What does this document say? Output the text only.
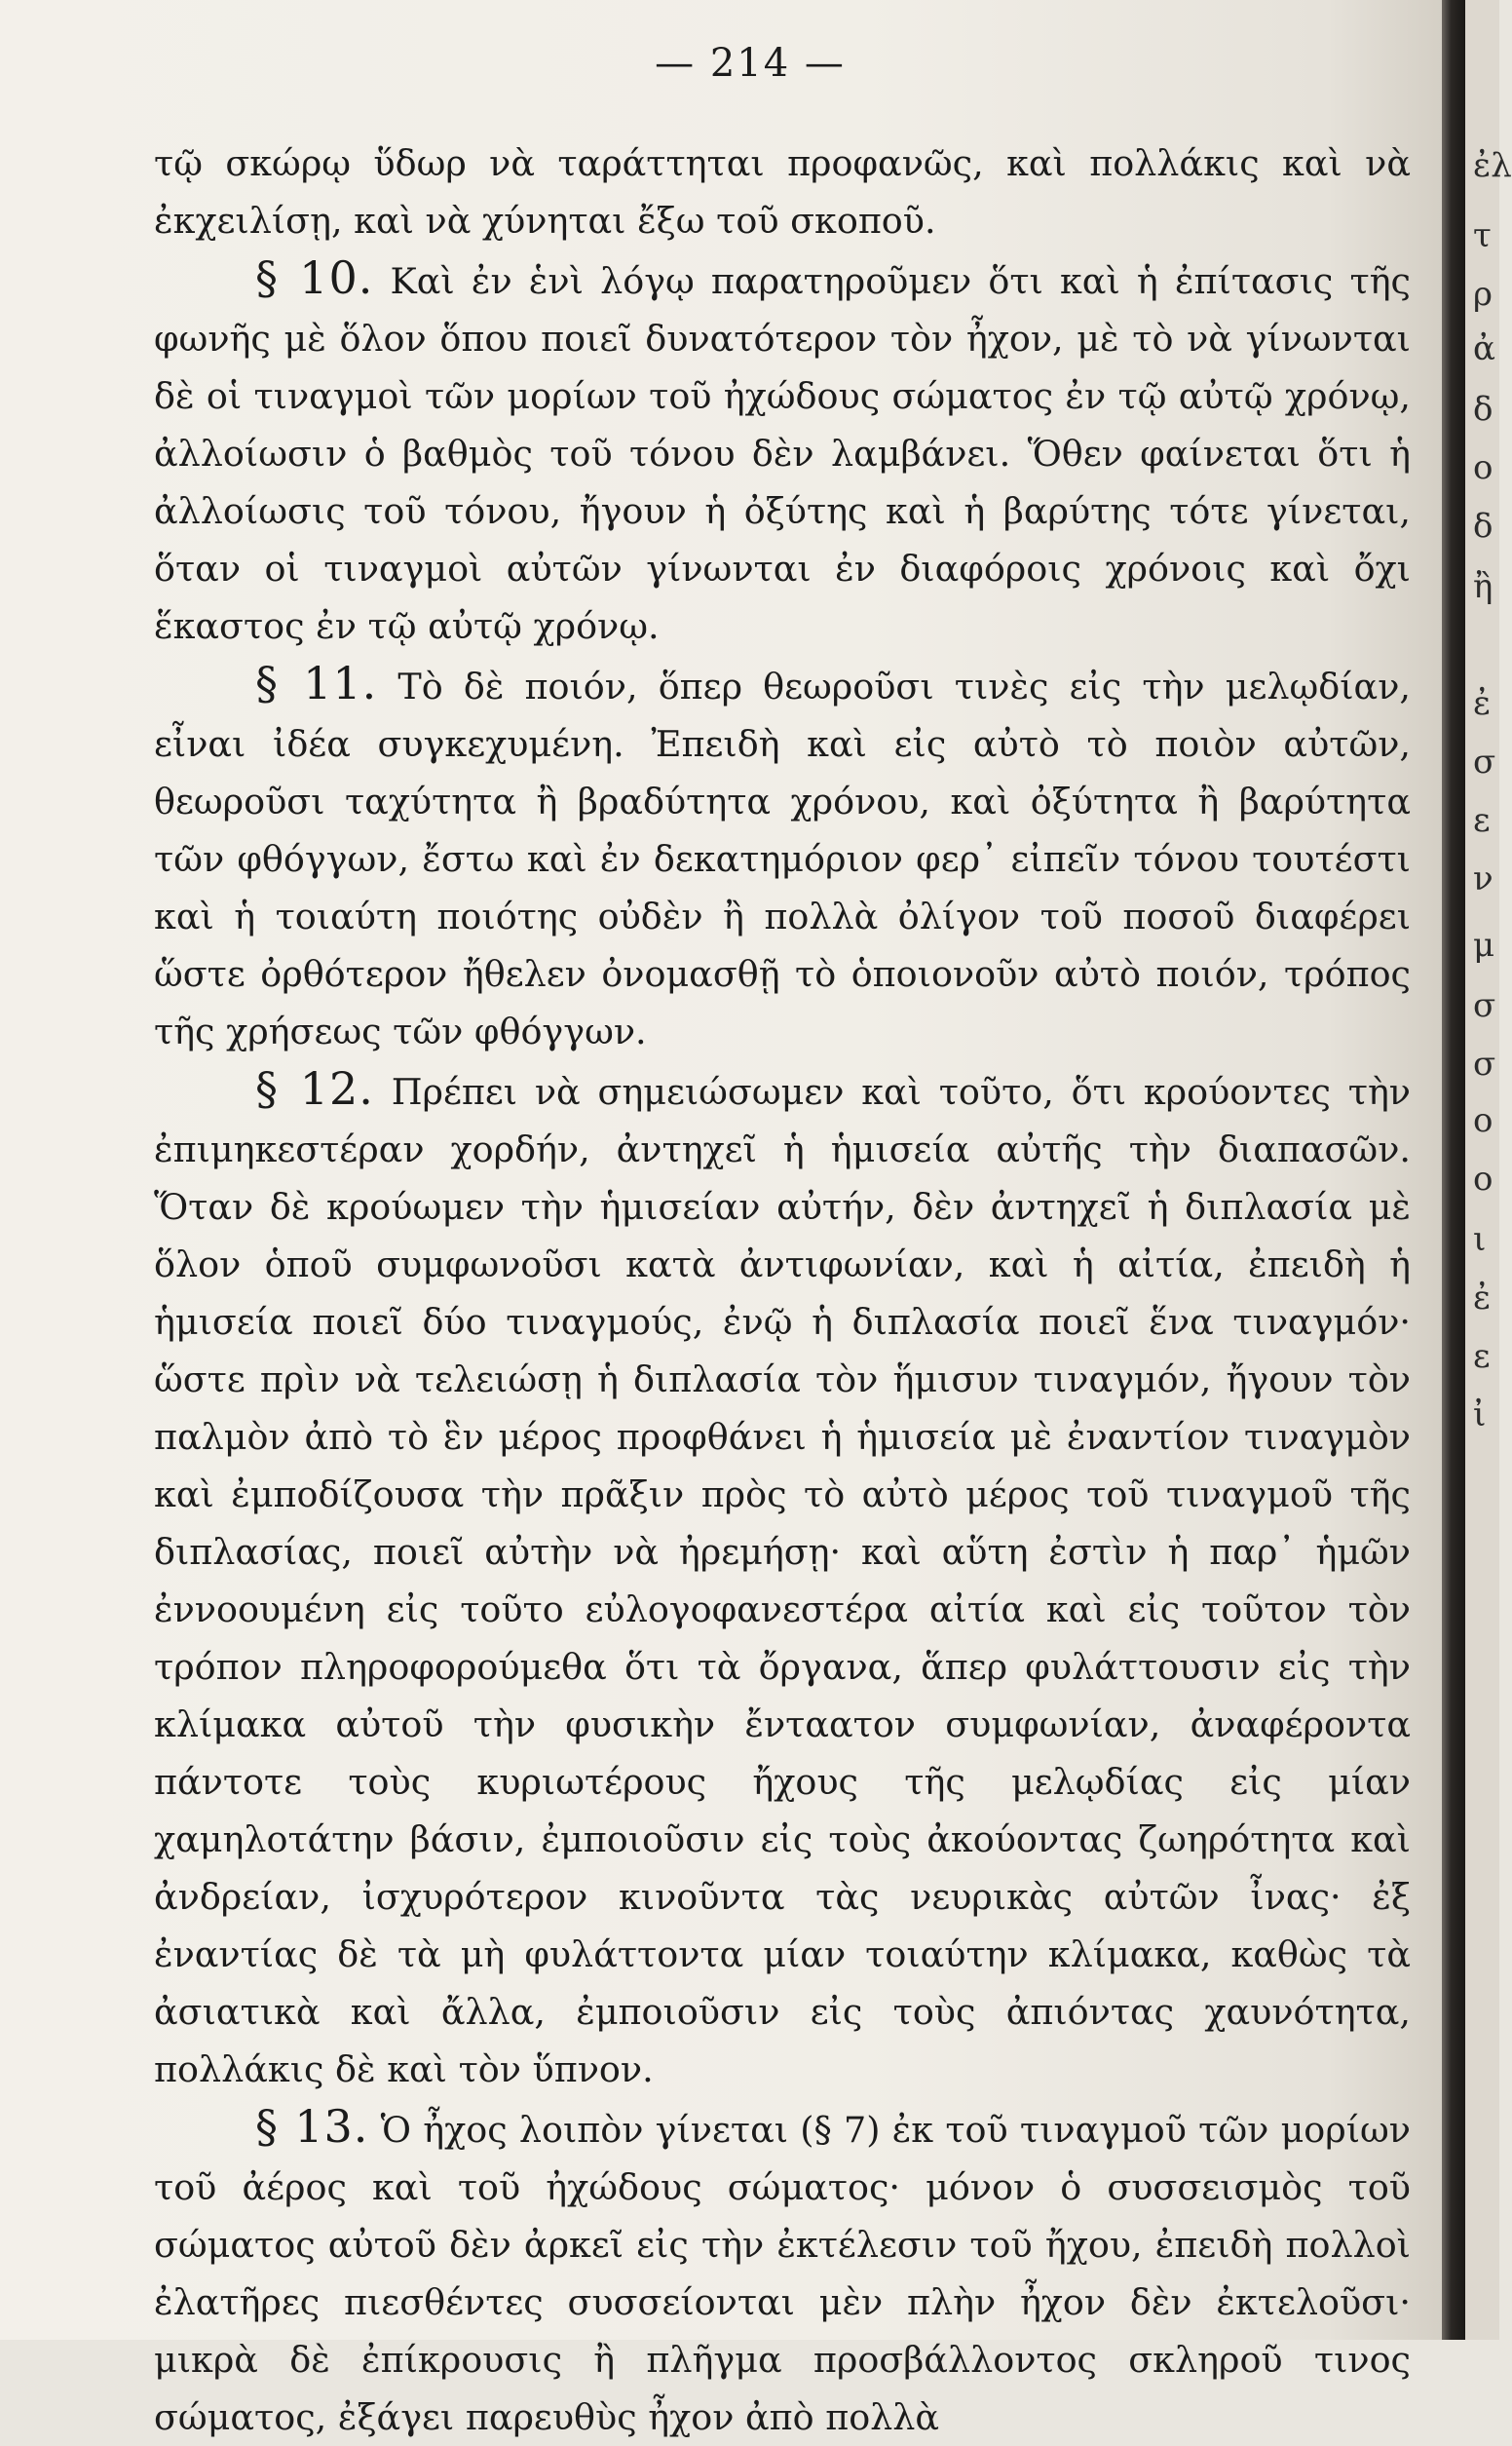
— 214 —

τῷ σκώρῳ ὕδωρ νὰ ταράττηται προφανῶς, καὶ πολλάκις καὶ νὰ ἐκχειλίσῃ, καὶ νὰ χύνηται ἔξω τοῦ σκοποῦ.

§ 10. Καὶ ἐν ἑνὶ λόγῳ παρατηροῦμεν ὅτι καὶ ἡ ἐπίτασις τῆς φωνῆς μὲ ὅλον ὅπου ποιεῖ δυνατότερον τὸν ἦχον, μὲ τὸ νὰ γίνωνται δὲ οἱ τιναγμοὶ τῶν μορίων τοῦ ἠχώδους σώματος ἐν τῷ αὐτῷ χρόνῳ, ἀλλοίωσιν ὁ βαθμὸς τοῦ τόνου δὲν λαμβάνει. Ὅθεν φαίνεται ὅτι ἡ ἀλλοίωσις τοῦ τόνου, ἤγουν ἡ ὀξύτης καὶ ἡ βαρύτης τότε γίνεται, ὅταν οἱ τιναγμοὶ αὐτῶν γίνωνται ἐν διαφόροις χρόνοις καὶ ὄχι ἕκαστος ἐν τῷ αὐτῷ χρόνῳ.

§ 11. Τὸ δὲ ποιόν, ὅπερ θεωροῦσι τινὲς εἰς τὴν μελῳδίαν, εἶναι ἰδέα συγκεχυμένη. Ἐπειδὴ καὶ εἰς αὐτὸ τὸ ποιὸν αὐτῶν, θεωροῦσι ταχύτητα ἢ βραδύτητα χρόνου, καὶ ὀξύτητα ἢ βαρύτητα τῶν φθόγγων, ἔστω καὶ ἐν δεκατημόριον φερ᾽ εἰπεῖν τόνου τουτέστι καὶ ἡ τοιαύτη ποιότης οὐδὲν ἢ πολλὰ ὀλίγον τοῦ ποσοῦ διαφέρει ὥστε ὀρθότερον ἤθελεν ὀνομασθῇ τὸ ὁποιονοῦν αὐτὸ ποιόν, τρόπος τῆς χρήσεως τῶν φθόγγων.

§ 12. Πρέπει νὰ σημειώσωμεν καὶ τοῦτο, ὅτι κρούοντες τὴν ἐπιμηκεστέραν χορδήν, ἀντηχεῖ ἡ ἡμισεία αὐτῆς τὴν διαπασῶν. Ὅταν δὲ κρούωμεν τὴν ἡμισείαν αὐτήν, δὲν ἀντηχεῖ ἡ διπλασία μὲ ὅλον ὁποῦ συμφωνοῦσι κατὰ ἀντιφωνίαν, καὶ ἡ αἰτία, ἐπειδὴ ἡ ἡμισεία ποιεῖ δύο τιναγμούς, ἐνῷ ἡ διπλασία ποιεῖ ἕνα τιναγμόν· ὥστε πρὶν νὰ τελειώσῃ ἡ διπλασία τὸν ἥμισυν τιναγμόν, ἤγουν τὸν παλμὸν ἀπὸ τὸ ἓν μέρος προφθάνει ἡ ἡμισεία μὲ ἐναντίον τιναγμὸν καὶ ἐμποδίζουσα τὴν πρᾶξιν πρὸς τὸ αὐτὸ μέρος τοῦ τιναγμοῦ τῆς διπλασίας, ποιεῖ αὐτὴν νὰ ἠρεμήσῃ· καὶ αὕτη ἐστὶν ἡ παρ᾽ ἡμῶν ἐννοουμένη εἰς τοῦτο εὐλογοφανεστέρα αἰτία καὶ εἰς τοῦτον τὸν τρόπον πληροφορούμεθα ὅτι τὰ ὄργανα, ἅπερ φυλάττουσιν εἰς τὴν κλίμακα αὐτοῦ τὴν φυσικὴν ἔνταατον συμφωνίαν, ἀναφέροντα πάντοτε τοὺς κυριωτέρους ἤχους τῆς μελῳδίας εἰς μίαν χαμηλοτάτην βάσιν, ἐμποιοῦσιν εἰς τοὺς ἀκούοντας ζωηρότητα καὶ ἀνδρείαν, ἰσχυρότερον κινοῦντα τὰς νευρικὰς αὐτῶν ἶνας· ἐξ ἐναντίας δὲ τὰ μὴ φυλάττοντα μίαν τοιαύτην κλίμακα, καθὼς τὰ ἀσιατικὰ καὶ ἄλλα, ἐμποιοῦσιν εἰς τοὺς ἀπιόντας χαυνότητα, πολλάκις δὲ καὶ τὸν ὕπνον.

§ 13. Ὁ ἦχος λοιπὸν γίνεται (§ 7) ἐκ τοῦ τιναγμοῦ τῶν μορίων τοῦ ἀέρος καὶ τοῦ ἠχώδους σώματος· μόνον ὁ συσσεισμὸς τοῦ σώματος αὐτοῦ δὲν ἀρκεῖ εἰς τὴν ἐκτέλεσιν τοῦ ἤχου, ἐπειδὴ πολλοὶ ἐλατῆρες πιεσθέντες συσσείονται μὲν πλὴν ἦχον δὲν ἐκτελοῦσι· μικρὰ δὲ ἐπίκρουσις ἢ πλῆγμα προσβάλλοντος σκληροῦ τινος σώματος, ἐξάγει παρευθὺς ἦχον ἀπὸ πολλὰ

ἐλ
τ
ρ
ἀ
δ
ο
δ
ἢ
ἐ
σ
ε
ν
μ
σ
σ
ο
ο
ι
ἐ
ε
ἰ
